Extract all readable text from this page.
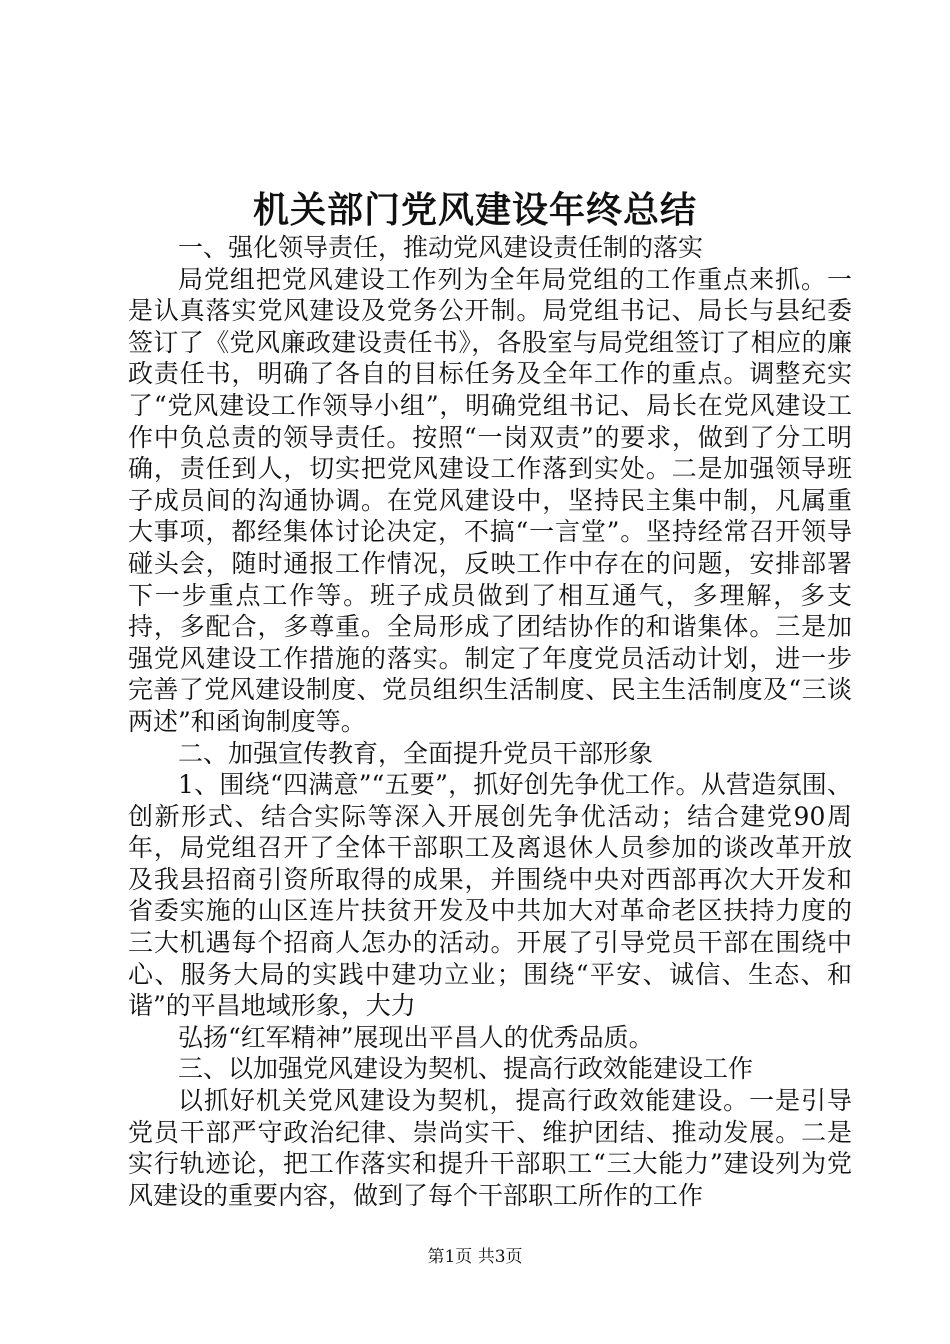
机关部门党风建设年终总结

一、强化领导责任，推动党风建设责任制的落实

局党组把党风建设工作列为全年局党组的工作重点来抓。一是认真落实党风建设及党务公开制。局党组书记、局长与县纪委签订了《党风廉政建设责任书》，各股室与局党组签订了相应的廉政责任书，明确了各自的目标任务及全年工作的重点。调整充实了“党风建设工作领导小组”，明确党组书记、局长在党风建设工作中负总责的领导责任。按照“一岗双责”的要求，做到了分工明确，责任到人，切实把党风建设工作落到实处。二是加强领导班子成员间的沟通协调。在党风建设中，坚持民主集中制，凡属重大事项，都经集体讨论决定，不搞“一言堂”。坚持经常召开领导碰头会，随时通报工作情况，反映工作中存在的问题，安排部署下一步重点工作等。班子成员做到了相互通气，多理解，多支持，多配合，多尊重。全局形成了团结协作的和谐集体。三是加强党风建设工作措施的落实。制定了年度党员活动计划，进一步完善了党风建设制度、党员组织生活制度、民主生活制度及“三谈两述”和函询制度等。

二、加强宣传教育，全面提升党员干部形象

1、围绕“四满意”“五要”，抓好创先争优工作。从营造氛围、创新形式、结合实际等深入开展创先争优活动；结合建党90周年，局党组召开了全体干部职工及离退休人员参加的谈改革开放及我县招商引资所取得的成果，并围绕中央对西部再次大开发和省委实施的山区连片扶贫开发及中共加大对革命老区扶持力度的三大机遇每个招商人怎办的活动。开展了引导党员干部在围绕中心、服务大局的实践中建功立业；围绕“平安、诚信、生态、和谐”的平昌地域形象，大力

弘扬“红军精神”展现出平昌人的优秀品质。

三、以加强党风建设为契机、提高行政效能建设工作

以抓好机关党风建设为契机，提高行政效能建设。一是引导党员干部严守政治纪律、崇尚实干、维护团结、推动发展。二是实行轨迹论，把工作落实和提升干部职工“三大能力”建设列为党风建设的重要内容，做到了每个干部职工所作的工作

第1页 共3页
